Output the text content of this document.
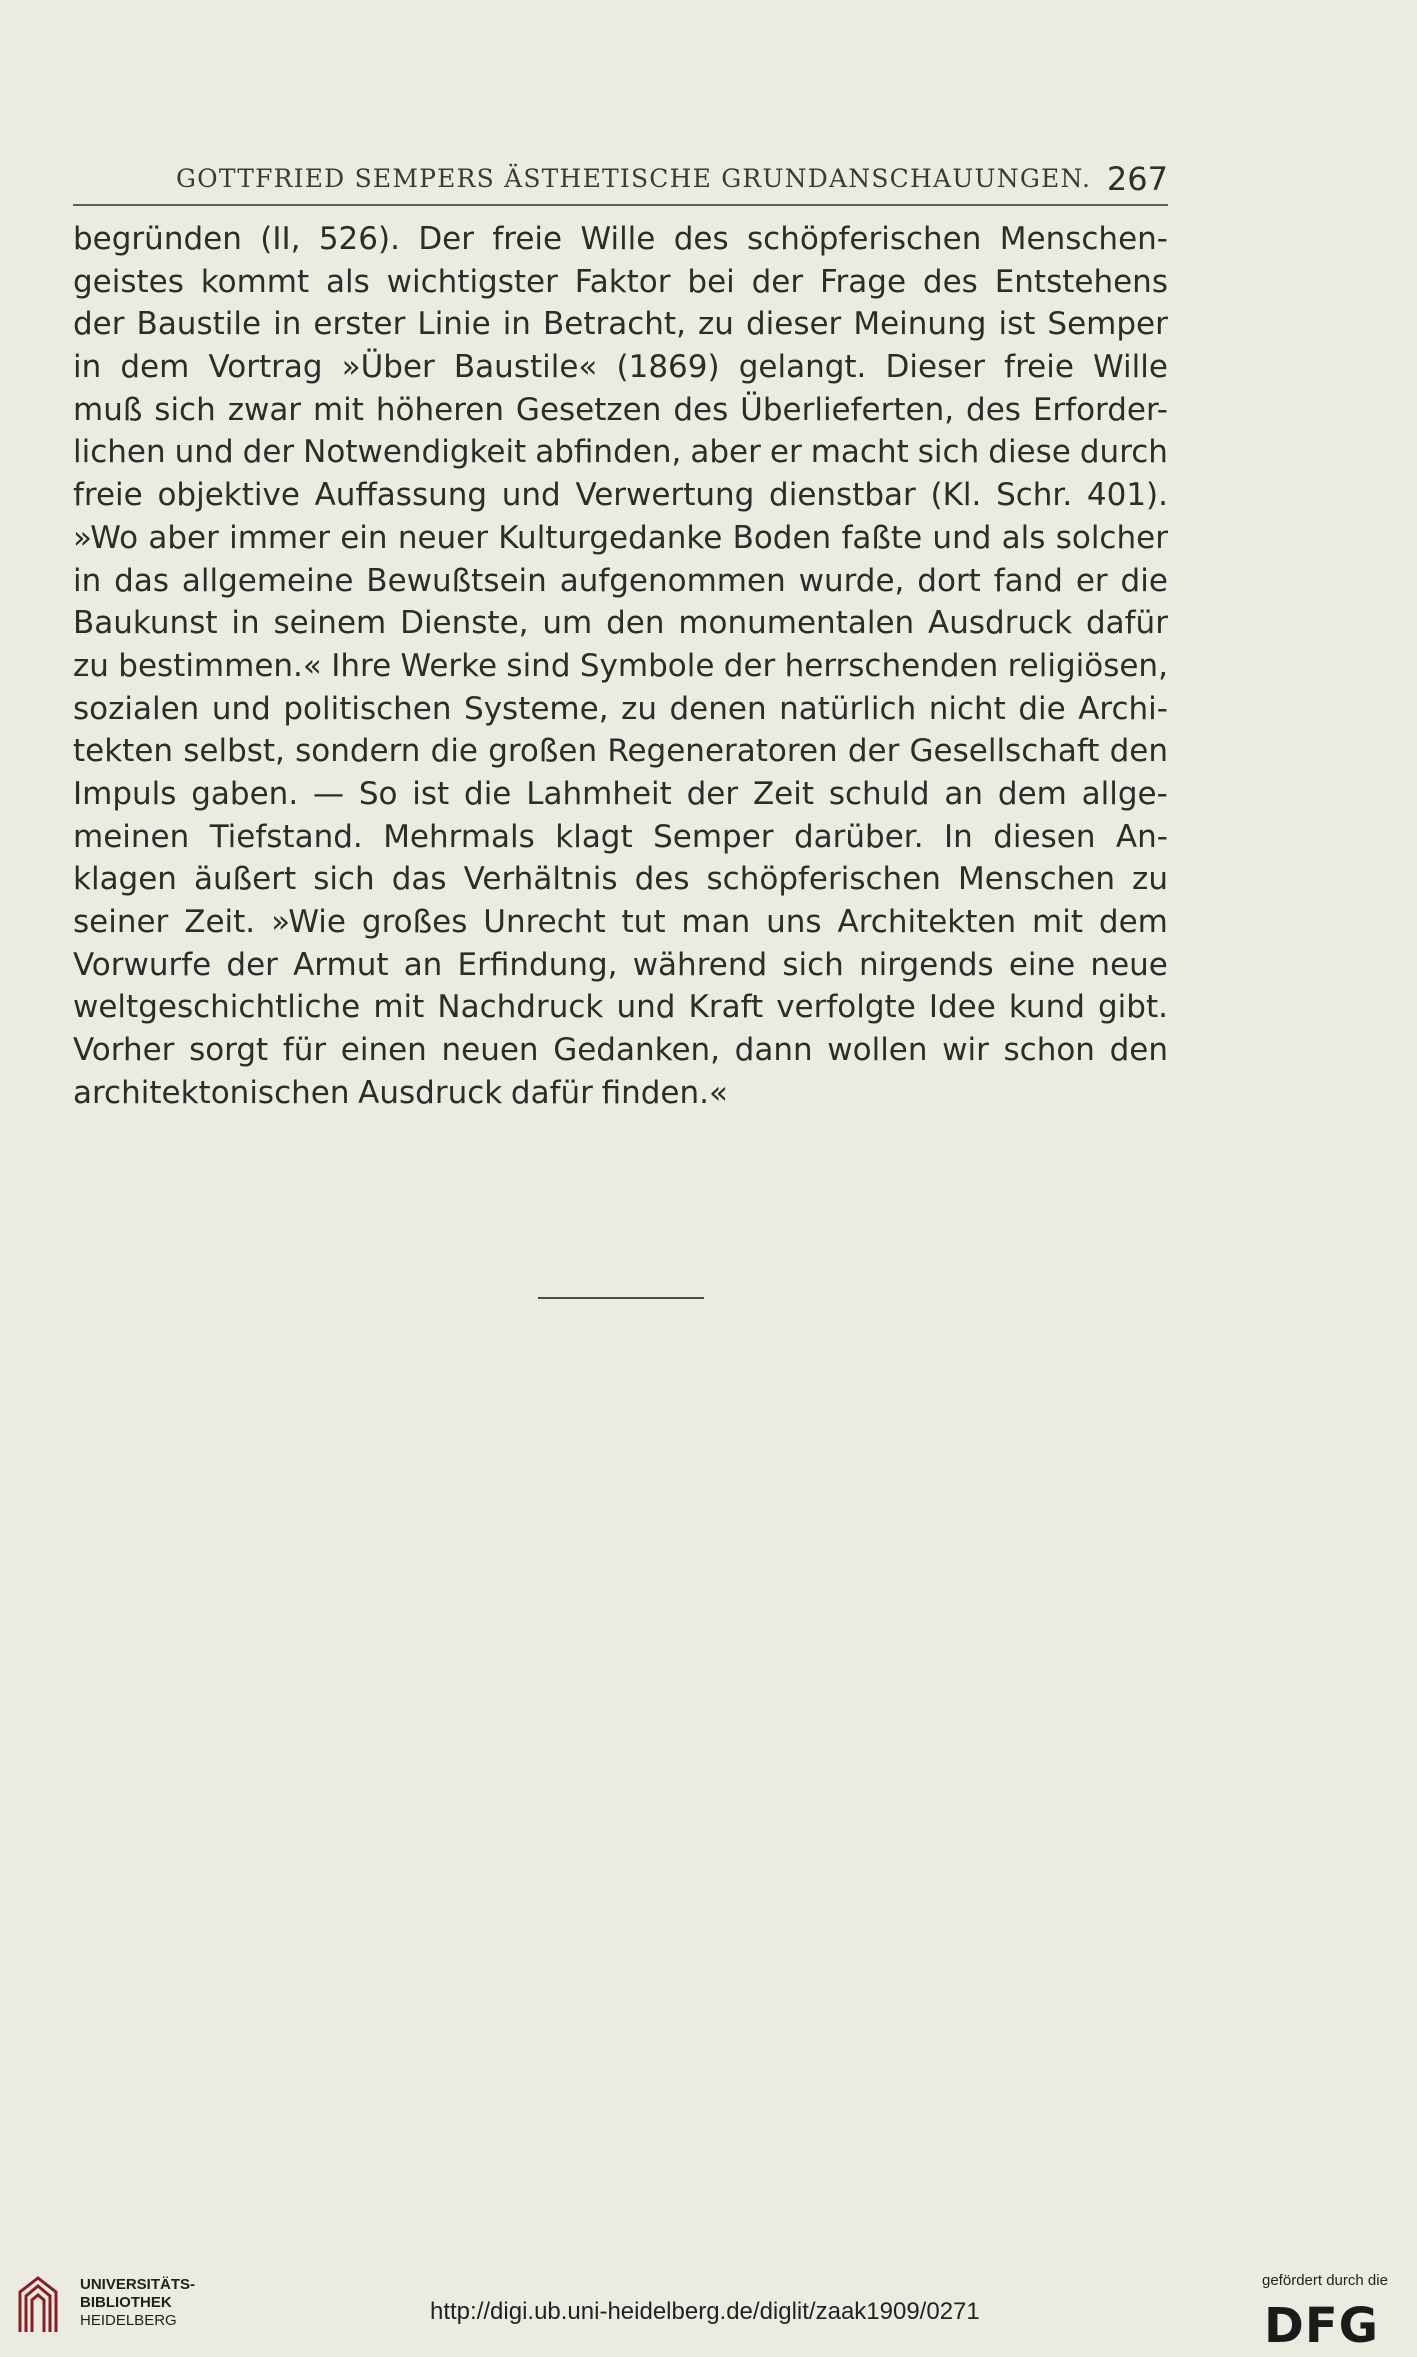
GOTTFRIED SEMPERS ÄSTHETISCHE GRUNDANSCHAUUNGEN. 267
begründen (II, 526). Der freie Wille des schöpferischen Menschen-
geistes kommt als wichtigster Faktor bei der Frage des Entstehens
der Baustile in erster Linie in Betracht, zu dieser Meinung ist Semper
in dem Vortrag »Über Baustile« (1869) gelangt. Dieser freie Wille
muß sich zwar mit höheren Gesetzen des Überlieferten, des Erforder-
lichen und der Notwendigkeit abfinden, aber er macht sich diese durch
freie objektive Auffassung und Verwertung dienstbar (Kl. Schr. 401).
»Wo aber immer ein neuer Kulturgedanke Boden faßte und als solcher
in das allgemeine Bewußtsein aufgenommen wurde, dort fand er die
Baukunst in seinem Dienste, um den monumentalen Ausdruck dafür
zu bestimmen.« Ihre Werke sind Symbole der herrschenden religiösen,
sozialen und politischen Systeme, zu denen natürlich nicht die Archi-
tekten selbst, sondern die großen Regeneratoren der Gesellschaft den
Impuls gaben. — So ist die Lahmheit der Zeit schuld an dem allge-
meinen Tiefstand. Mehrmals klagt Semper darüber. In diesen An-
klagen äußert sich das Verhältnis des schöpferischen Menschen zu
seiner Zeit. »Wie großes Unrecht tut man uns Architekten mit dem
Vorwurfe der Armut an Erfindung, während sich nirgends eine neue
weltgeschichtliche mit Nachdruck und Kraft verfolgte Idee kund gibt.
Vorher sorgt für einen neuen Gedanken, dann wollen wir schon den
architektonischen Ausdruck dafür finden.«
UNIVERSITÄTS-
BIBLIOTHEK
HEIDELBERG	http://digi.ub.uni-heidelberg.de/diglit/zaak1909/0271
gefördert durch die
DFG
